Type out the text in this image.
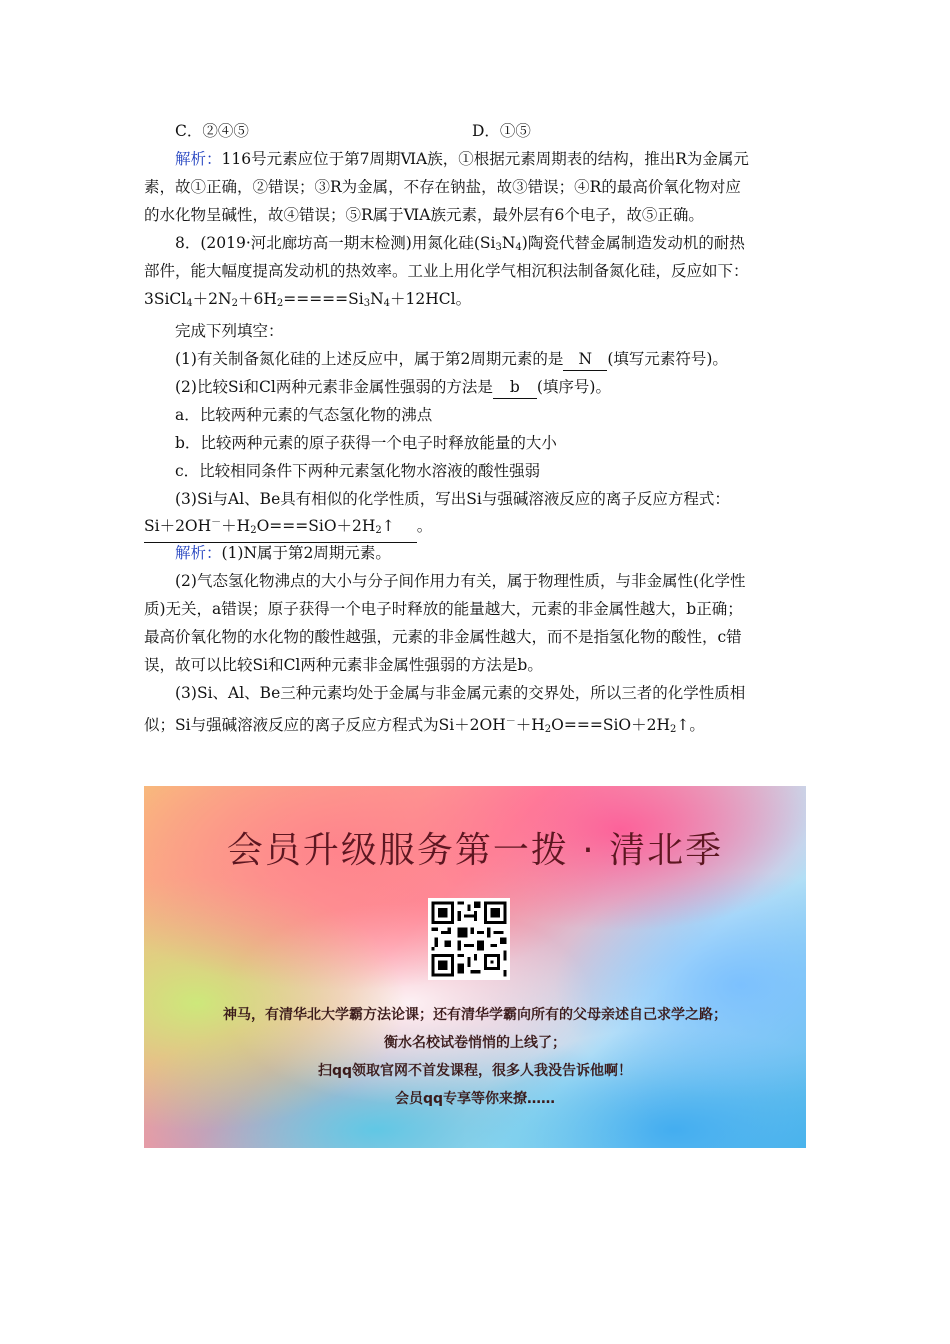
C．②④⑤	D．①⑤
解析：116号元素应位于第7周期ⅥA族，①根据元素周期表的结构，推出R为金属元
素，故①正确，②错误；③R为金属，不存在钠盐，故③错误；④R的最高价氧化物对应
的水化物呈碱性，故④错误；⑤R属于ⅥA族元素，最外层有6个电子，故⑤正确。
8．(2019·河北廊坊高一期末检测)用氮化硅$(Si_3N_4)$陶瓷代替金属制造发动机的耐热
部件，能大幅度提高发动机的热效率。工业上用化学气相沉积法制备氮化硅，反应如下：
$3SiCl_4+2N_2+6H_2=====Si_3N_4+12HCl$。
完成下列填空：
(1)有关制备氮化硅的上述反应中，属于第2周期元素的是 N (填写元素符号)。
(2)比较Si和Cl两种元素非金属性强弱的方法是 b (填序号)。
a．比较两种元素的气态氢化物的沸点
b．比较两种元素的原子获得一个电子时释放能量的大小
c．比较相同条件下两种元素氢化物水溶液的酸性强弱
(3)Si与Al、Be具有相似的化学性质，写出Si与强碱溶液反应的离子反应方程式：
$Si+2OH^-+H_2O===SiO+2H_2↑$ 。
解析：(1)N属于第2周期元素。
(2)气态氢化物沸点的大小与分子间作用力有关，属于物理性质，与非金属性(化学性
质)无关，a错误；原子获得一个电子时释放的能量越大，元素的非金属性越大，b正确；
最高价氧化物的水化物的酸性越强，元素的非金属性越大，而不是指氢化物的酸性，c错
误，故可以比较Si和Cl两种元素非金属性强弱的方法是b。
(3)Si、Al、Be三种元素均处于金属与非金属元素的交界处，所以三者的化学性质相
似；Si与强碱溶液反应的离子反应方程式为$Si+2OH^-+H_2O===SiO+2H_2↑$。
会员升级服务第一拨 · 清北季
神马，有清华北大学霸方法论课；还有清华学霸向所有的父母亲述自己求学之路；
衡水名校试卷悄悄的上线了；
扫qq领取官网不首发课程，很多人我没告诉他啊！
会员qq专享等你来撩……
